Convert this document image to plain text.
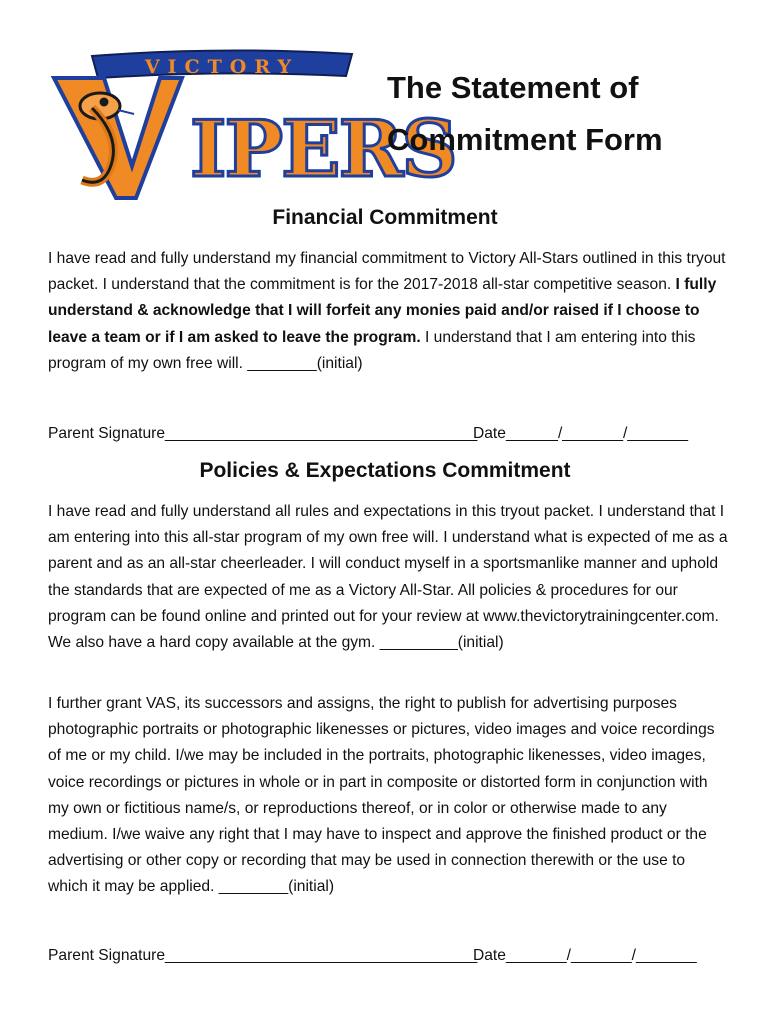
VICTORY
IPERS
The Statement of
Commitment Form
Financial Commitment

I have read and fully understand my financial commitment to Victory All-Stars outlined in this tryout packet. I understand that the commitment is for the 2017-2018 all-star competitive season. I fully understand & acknowledge that I will forfeit any monies paid and/or raised if I choose to leave a team or if I am asked to leave the program. I understand that I am entering into this program of my own free will. ________(initial)

Parent Signature____________________________________

Date______/_______/_______

Policies & Expectations Commitment

I have read and fully understand all rules and expectations in this tryout packet. I understand that I am entering into this all-star program of my own free will. I understand what is expected of me as a parent and as an all-star cheerleader. I will conduct myself in a sportsmanlike manner and uphold the standards that are expected of me as a Victory All-Star. All policies & procedures for our program can be found online and printed out for your review at www.thevictorytrainingcenter.com. We also have a hard copy available at the gym. _________(initial)

I further grant VAS, its successors and assigns, the right to publish for advertising purposes photographic portraits or photographic likenesses or pictures, video images and voice recordings of me or my child. I/we may be included in the portraits, photographic likenesses, video images, voice recordings or pictures in whole or in part in composite or distorted form in conjunction with my own or fictitious name/s, or reproductions thereof, or in color or otherwise made to any medium. I/we waive any right that I may have to inspect and approve the finished product or the advertising or other copy or recording that may be used in connection therewith or the use to which it may be applied. ________(initial)

Parent Signature____________________________________

Date_______/_______/_______
